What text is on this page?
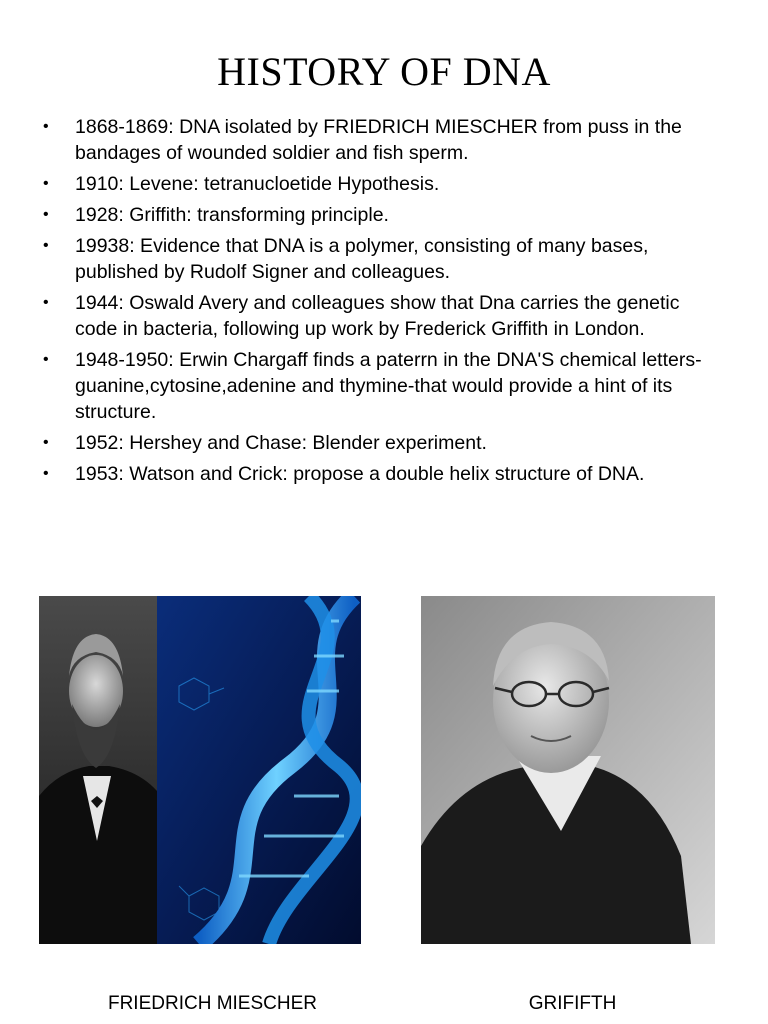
HISTORY OF DNA
• 1868-1869: DNA isolated by FRIEDRICH MIESCHER from puss in the bandages of wounded soldier and fish sperm.
• 1910: Levene: tetranucloetide Hypothesis.
• 1928: Griffith: transforming principle.
• 19938: Evidence that DNA is a polymer, consisting of many bases, published by Rudolf Signer and colleagues.
• 1944: Oswald Avery and colleagues show that Dna carries the genetic code in bacteria, following up work by Frederick Griffith in London.
• 1948-1950: Erwin Chargaff finds a paterrn in the DNA'S chemical letters-guanine,cytosine,adenine and thymine-that would provide a hint of its structure.
• 1952: Hershey and Chase: Blender experiment.
• 1953: Watson and Crick: propose a double helix structure of DNA.
FRIEDRICH MIESCHER	GRIFIFTH
